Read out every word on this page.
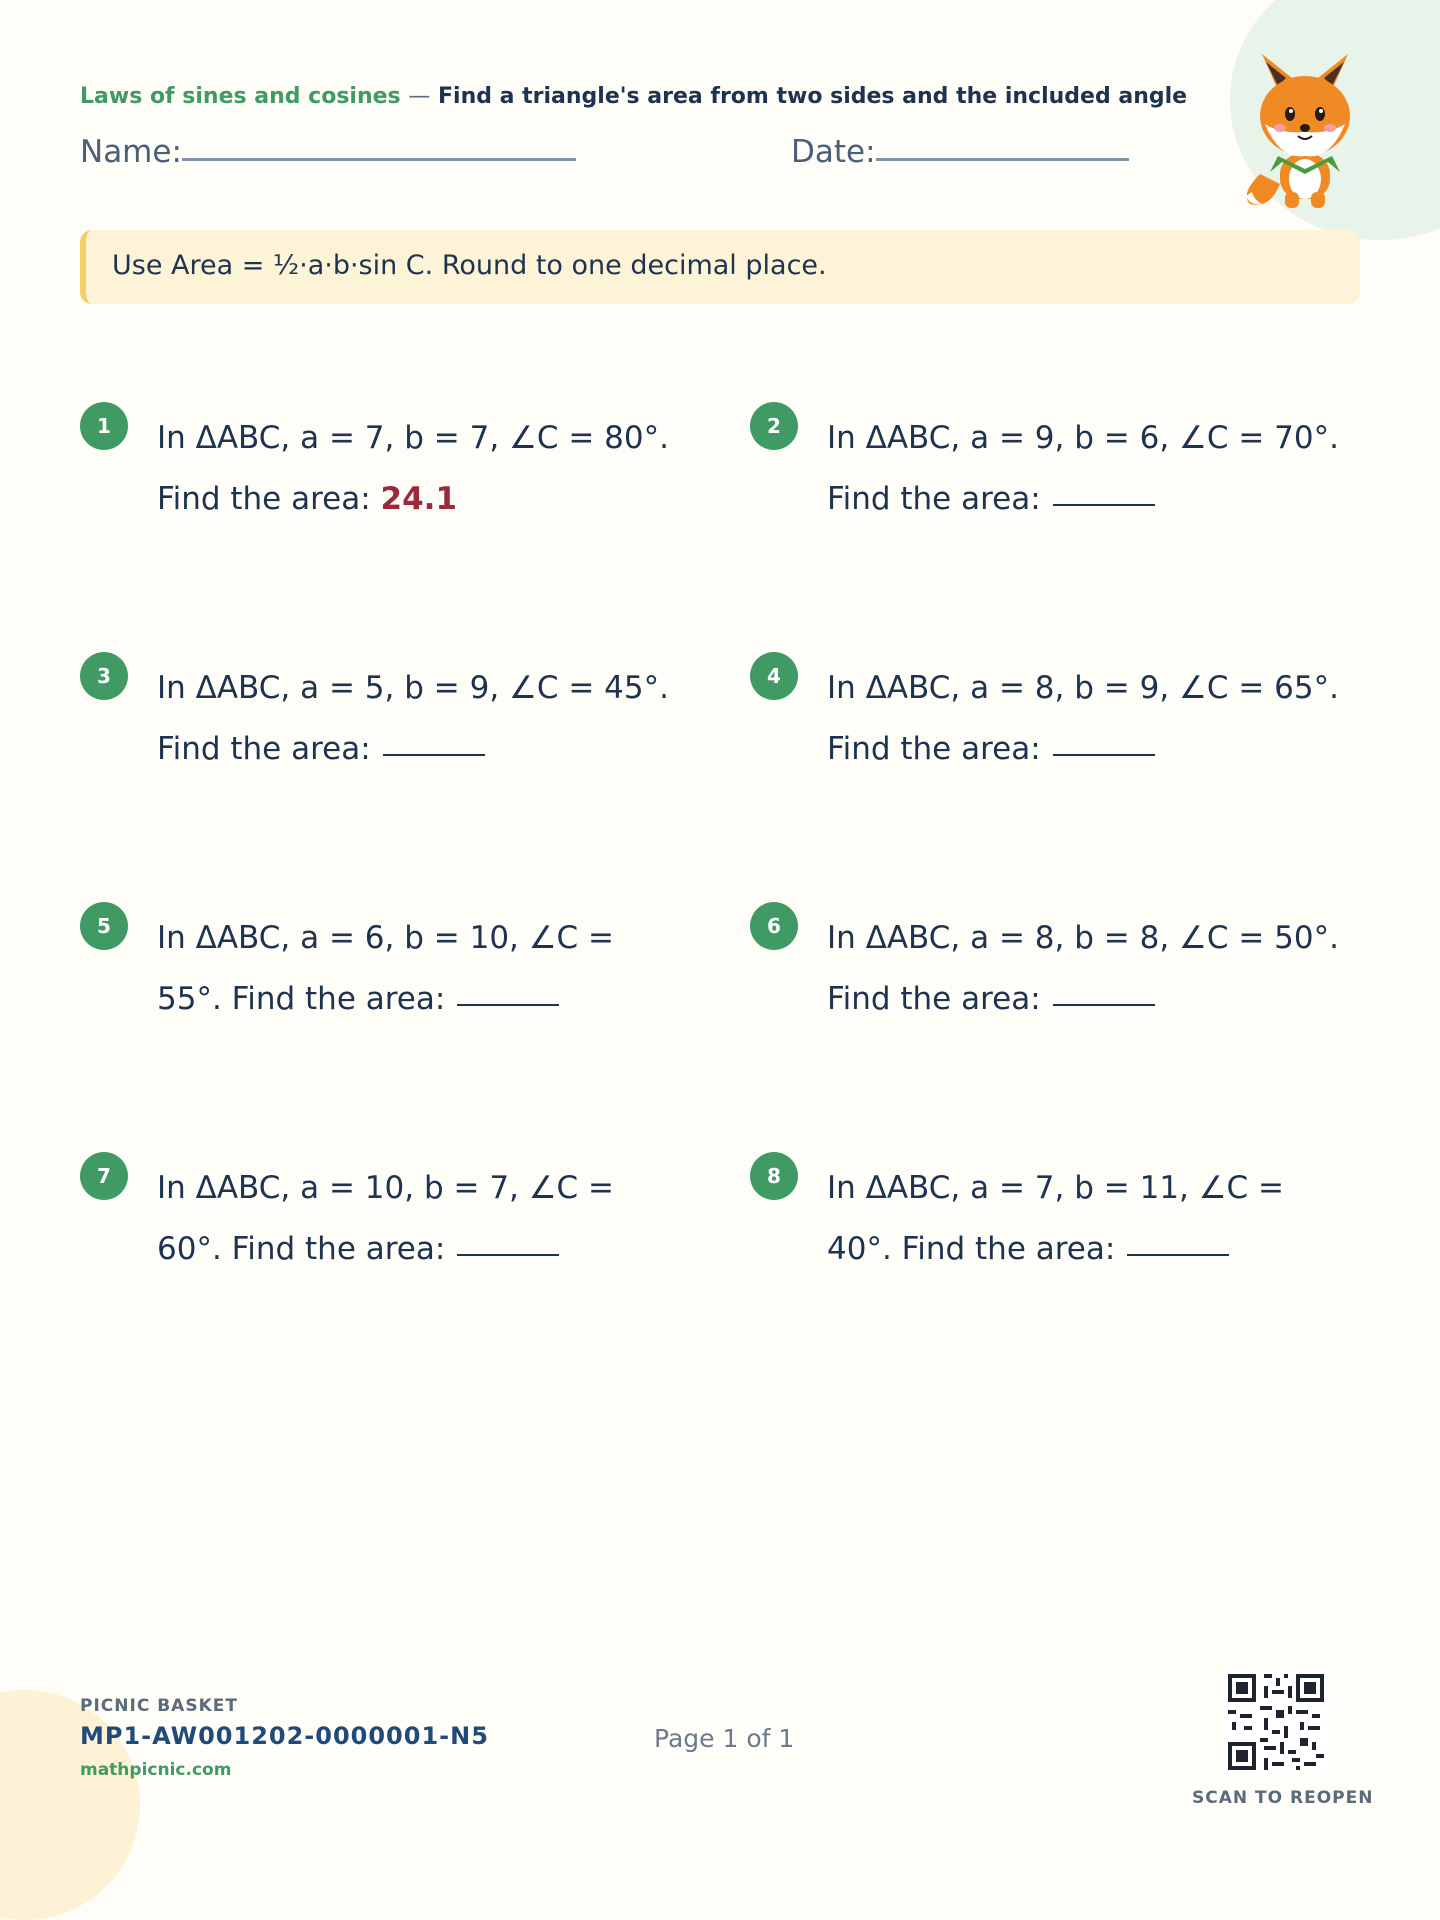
Laws of sines and cosines — Find a triangle's area from two sides and the included angle
Name:	Date:
Use Area = ½·a·b·sin C. Round to one decimal place.
1	In ΔABC, a = 7, b = 7, ∠C = 80°. Find the area: 24.1
2	In ΔABC, a = 9, b = 6, ∠C = 70°. Find the area:
3	In ΔABC, a = 5, b = 9, ∠C = 45°. Find the area:
4	In ΔABC, a = 8, b = 9, ∠C = 65°. Find the area:
5	In ΔABC, a = 6, b = 10, ∠C = 55°. Find the area:
6	In ΔABC, a = 8, b = 8, ∠C = 50°. Find the area:
7	In ΔABC, a = 10, b = 7, ∠C = 60°. Find the area:
8	In ΔABC, a = 7, b = 11, ∠C = 40°. Find the area:
PICNIC BASKET
MP1-AW001202-0000001-N5
mathpicnic.com
Page 1 of 1
SCAN TO REOPEN
